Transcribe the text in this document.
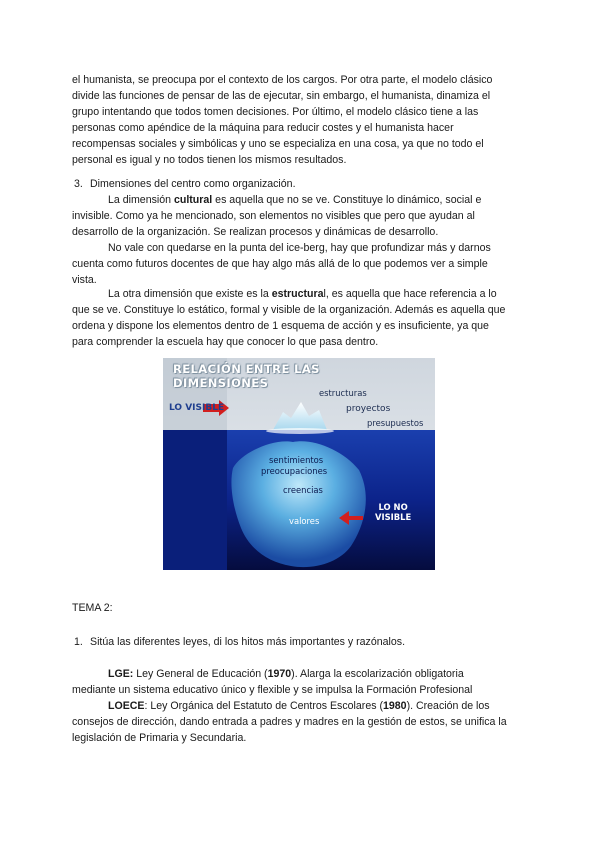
el humanista, se preocupa por el contexto de los cargos. Por otra parte, el modelo clásico
divide las funciones de pensar de las de ejecutar, sin embargo, el humanista, dinamiza el
grupo intentando que todos tomen decisiones. Por último, el modelo clásico tiene a las
personas como apéndice de la máquina para reducir costes y el humanista hacer
recompensas sociales y simbólicas y uno se especializa en una cosa, ya que no todo el
personal es igual y no todos tienen los mismos resultados.

3. Dimensiones del centro como organización.

La dimensión cultural es aquella que no se ve. Constituye lo dinámico, social e
invisible. Como ya he mencionado, son elementos no visibles que pero que ayudan al
desarrollo de la organización. Se realizan procesos y dinámicas de desarrollo.

No vale con quedarse en la punta del ice-berg, hay que profundizar más y darnos
cuenta como futuros docentes de que hay algo más allá de lo que podemos ver a simple
vista.

La otra dimensión que existe es la estructural, es aquella que hace referencia a lo
que se ve. Constituye lo estático, formal y visible de la organización. Además es aquella que
ordena y dispone los elementos dentro de 1 esquema de acción y es insuficiente, ya que
para comprender la escuela hay que conocer lo que pasa dentro.

RELACIÓN ENTRE LAS DIMENSIONES
LO VISIBLE
estructuras
proyectos
presupuestos
sentimientos
preocupaciones
creencias
valores
LO NO
VISIBLE
TEMA 2:
1. Sitúa las diferentes leyes, di los hitos más importantes y razónalos.

LGE: Ley General de Educación (1970). Alarga la escolarización obligatoria
mediante un sistema educativo único y flexible y se impulsa la Formación Profesional

LOECE: Ley Orgánica del Estatuto de Centros Escolares (1980). Creación de los
consejos de dirección, dando entrada a padres y madres en la gestión de estos, se unifica la
legislación de Primaria y Secundaria.
